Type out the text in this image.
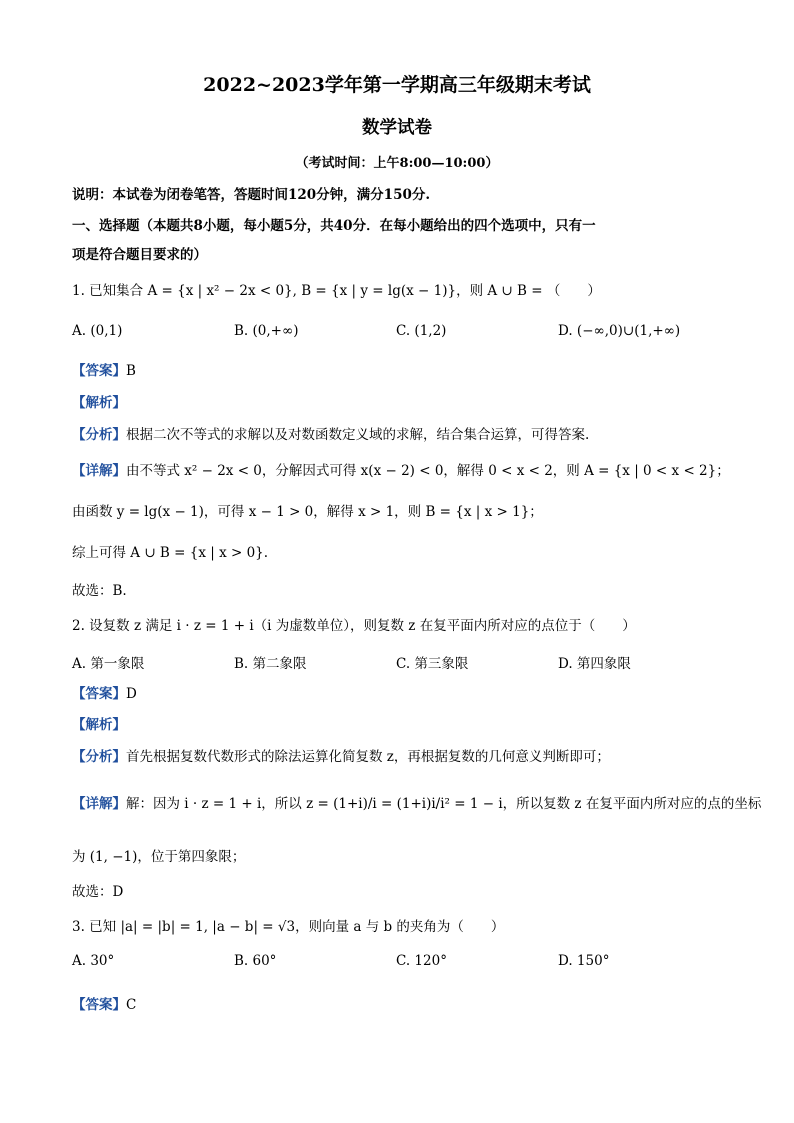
2022~2023学年第一学期高三年级期末考试
数学试卷
（考试时间：上午8:00—10:00）
说明：本试卷为闭卷笔答，答题时间120分钟，满分150分.
一、选择题（本题共8小题，每小题5分，共40分．在每小题给出的四个选项中，只有一
项是符合题目要求的）
1. 已知集合 A = {x | x² − 2x < 0}, B = {x | y = lg(x − 1)}，则 A ∪ B = （　　）
A. (0,1)	B. (0,+∞)	C. (1,2)	D. (−∞,0)∪(1,+∞)
【答案】B
【解析】
【分析】根据二次不等式的求解以及对数函数定义域的求解，结合集合运算，可得答案.
【详解】由不等式 x² − 2x < 0，分解因式可得 x(x − 2) < 0，解得 0 < x < 2，则 A = {x | 0 < x < 2}；
由函数 y = lg(x − 1)，可得 x − 1 > 0，解得 x > 1，则 B = {x | x > 1}；
综上可得 A ∪ B = {x | x > 0}.
故选：B.
2. 设复数 z 满足 i · z = 1 + i（i 为虚数单位），则复数 z 在复平面内所对应的点位于（　　）
A. 第一象限	B. 第二象限	C. 第三象限	D. 第四象限
【答案】D
【解析】
【分析】首先根据复数代数形式的除法运算化简复数 z，再根据复数的几何意义判断即可；
【详解】解：因为 i · z = 1 + i，所以 z = (1+i)/i = (1+i)i/i² = 1 − i，所以复数 z 在复平面内所对应的点的坐标
为 (1, −1)，位于第四象限；
故选：D
3. 已知 |a| = |b| = 1, |a − b| = √3，则向量 a 与 b 的夹角为（　　）
A. 30°	B. 60°	C. 120°	D. 150°
【答案】C
